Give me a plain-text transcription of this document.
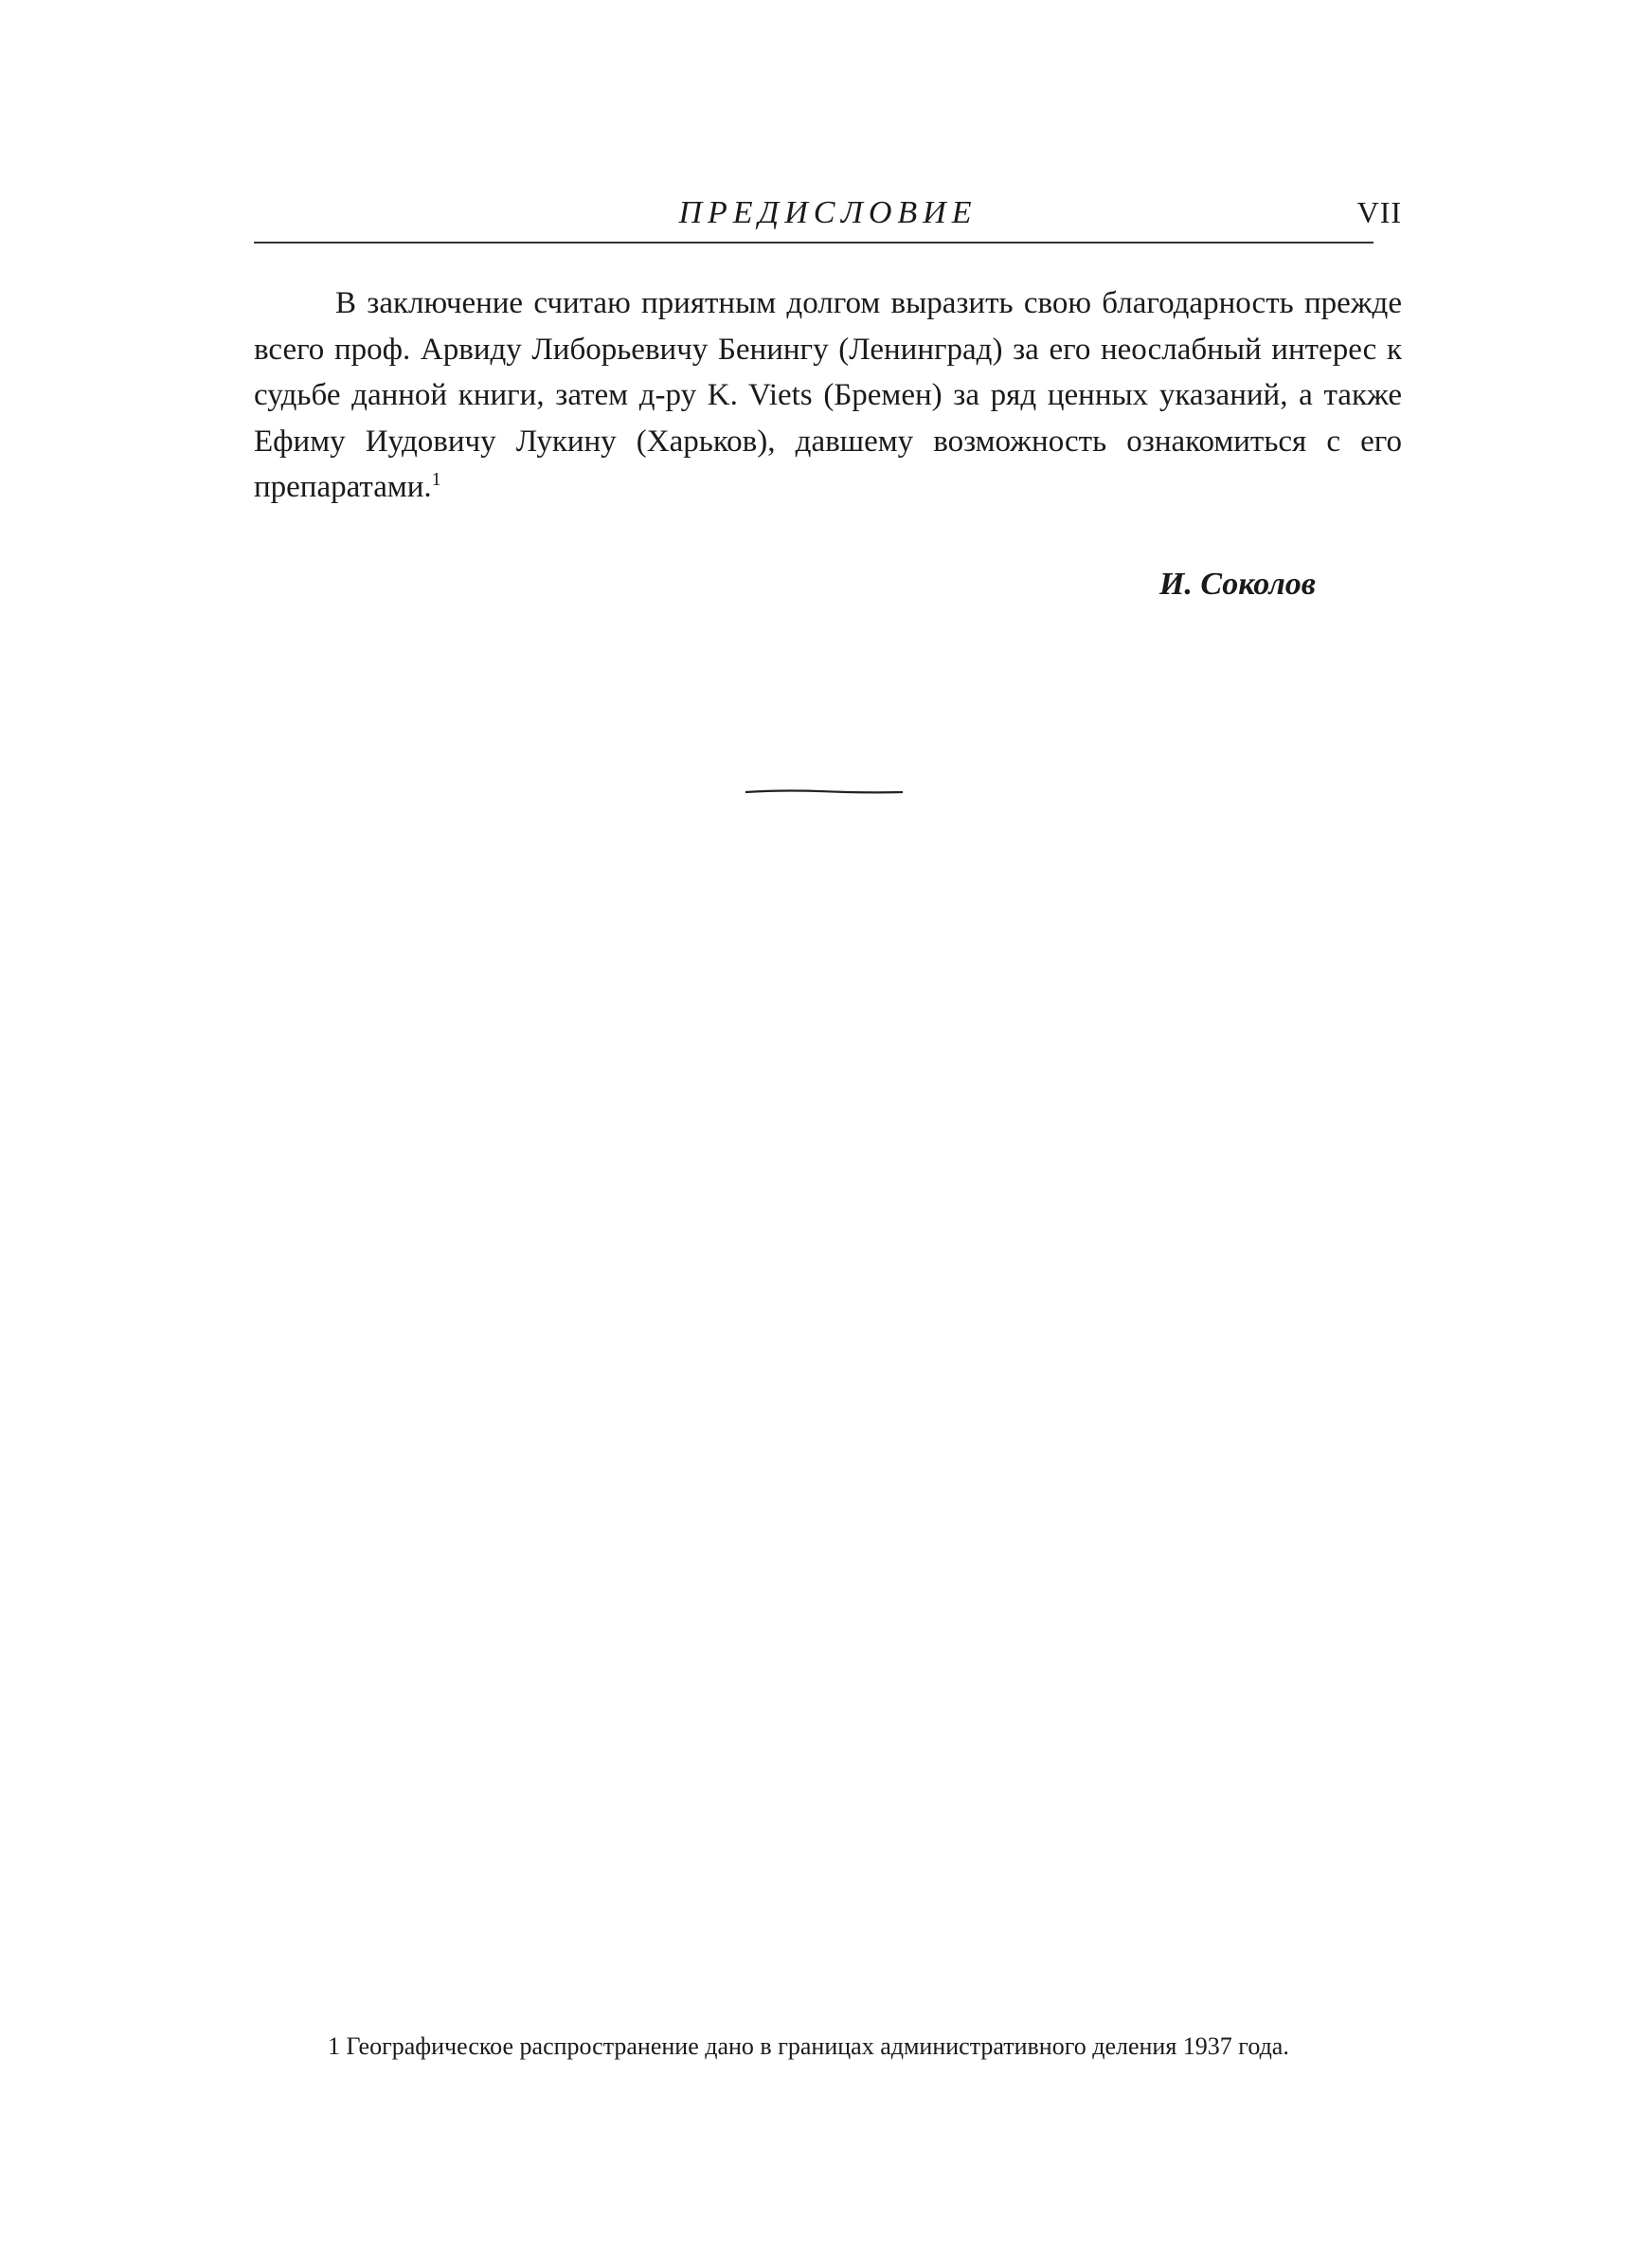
ПРЕДИСЛОВИЕ	VII

В заключение считаю приятным долгом выразить свою благодарность прежде всего проф. Арвиду Либорьевичу Бенингу (Ленинград) за его неослабный интерес к судьбе данной книги, затем д-ру K. Viets (Бремен) за ряд ценных указаний, а также Ефиму Иудовичу Лукину (Харьков), давшему возможность ознакомиться с его препаратами.$^1$

И. Соколов

1 Географическое распространение дано в границах административного деления 1937 года.
